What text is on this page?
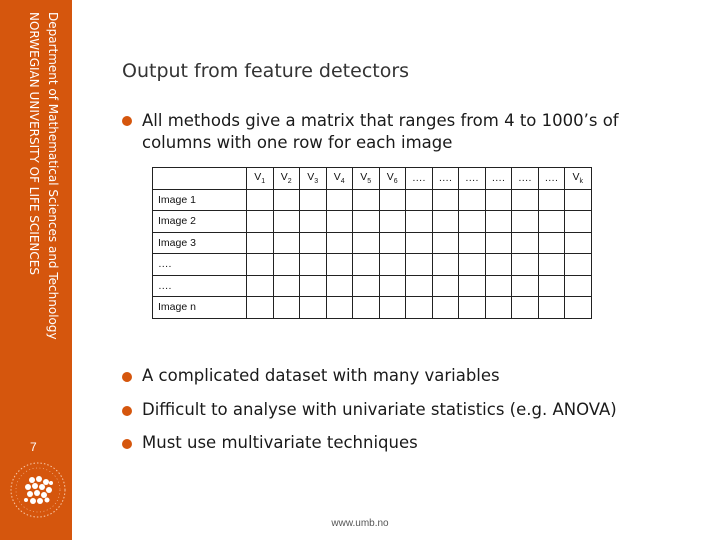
Department of Mathematical Sciences and Technology
NORWEGIAN UNIVERSITY OF LIFE SCIENCES
7
Output from feature detectors
All methods give a matrix that ranges from 4 to 1000’s of columns with one row for each image
	$V_1$	$V_2$	$V_3$	$V_4$	$V_5$	$V_6$	….	….	….	….	….	….	$V_k$
Image 1													
Image 2													
Image 3													
….													
….													
Image n													
A complicated dataset with many variables
Difficult to analyse with univariate statistics (e.g. ANOVA)
Must use multivariate techniques
www.umb.no
